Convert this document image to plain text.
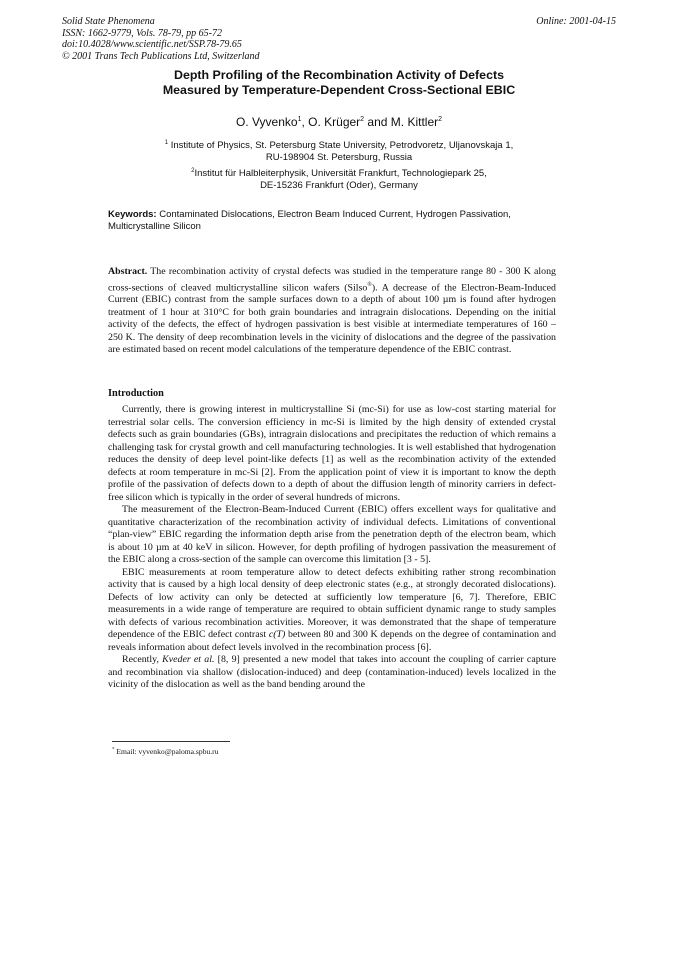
Solid State Phenomena
ISSN: 1662-9779, Vols. 78-79, pp 65-72
doi:10.4028/www.scientific.net/SSP.78-79.65
© 2001 Trans Tech Publications Ltd, Switzerland
Online: 2001-04-15
Depth Profiling of the Recombination Activity of Defects
Measured by Temperature-Dependent Cross-Sectional EBIC
O. Vyvenko$^1$, O. Krüger$^2$ and M. Kittler$^2$
$^1$ Institute of Physics, St. Petersburg State University, Petrodvoretz, Uljanovskaja 1,
RU-198904 St. Petersburg, Russia
$^2$Institut für Halbleiterphysik, Universität Frankfurt, Technologiepark 25,
DE-15236 Frankfurt (Oder), Germany
Keywords: Contaminated Dislocations, Electron Beam Induced Current, Hydrogen Passivation, Multicrystalline Silicon
Abstract. The recombination activity of crystal defects was studied in the temperature range 80 - 300 K along cross-sections of cleaved multicrystalline silicon wafers (Silso®). A decrease of the Electron-Beam-Induced Current (EBIC) contrast from the sample surfaces down to a depth of about 100 µm is found after hydrogen treatment of 1 hour at 310°C for both grain boundaries and intragrain dislocations. Depending on the initial activity of the defects, the effect of hydrogen passivation is best visible at intermediate temperatures of 160 – 250 K. The density of deep recombination levels in the vicinity of dislocations and the degree of the passivation are estimated based on recent model calculations of the temperature dependence of the EBIC contrast.
Introduction

Currently, there is growing interest in multicrystalline Si (mc-Si) for use as low-cost starting material for terrestrial solar cells. The conversion efficiency in mc-Si is limited by the high density of extended crystal defects such as grain boundaries (GBs), intragrain dislocations and precipitates the reduction of which remains a challenging task for crystal growth and cell manufacturing technologies. It is well established that hydrogenation reduces the density of deep level point-like defects [1] as well as the recombination activity of the extended defects at room temperature in mc-Si [2]. From the application point of view it is important to know the depth profile of the passivation of defects down to a depth of about the diffusion length of minority carriers in defect-free silicon which is typically in the order of several hundreds of microns.

The measurement of the Electron-Beam-Induced Current (EBIC) offers excellent ways for qualitative and quantitative characterization of the recombination activity of individual defects. Limitations of conventional “plan-view” EBIC regarding the information depth arise from the penetration depth of the electron beam, which is about 10 µm at 40 keV in silicon. However, for depth profiling of hydrogen passivation the measurement of the EBIC along a cross-section of the sample can overcome this limitation [3 - 5].

EBIC measurements at room temperature allow to detect defects exhibiting rather strong recombination activity that is caused by a high local density of deep electronic states (e.g., at strongly decorated dislocations). Defects of low activity can only be detected at sufficiently low temperature [6, 7]. Therefore, EBIC measurements in a wide range of temperature are required to obtain sufficient dynamic range to study samples with defects of various recombination activities. Moreover, it was demonstrated that the shape of temperature dependence of the EBIC defect contrast c(T) between 80 and 300 K depends on the degree of contamination and reveals information about defect levels involved in the recombination process [6].

Recently, Kveder et al. [8, 9] presented a new model that takes into account the coupling of carrier capture and recombination via shallow (dislocation-induced) and deep (contamination-induced) levels localized in the vicinity of the dislocation as well as the band bending around the

* Email: vyvenko@paloma.spbu.ru
